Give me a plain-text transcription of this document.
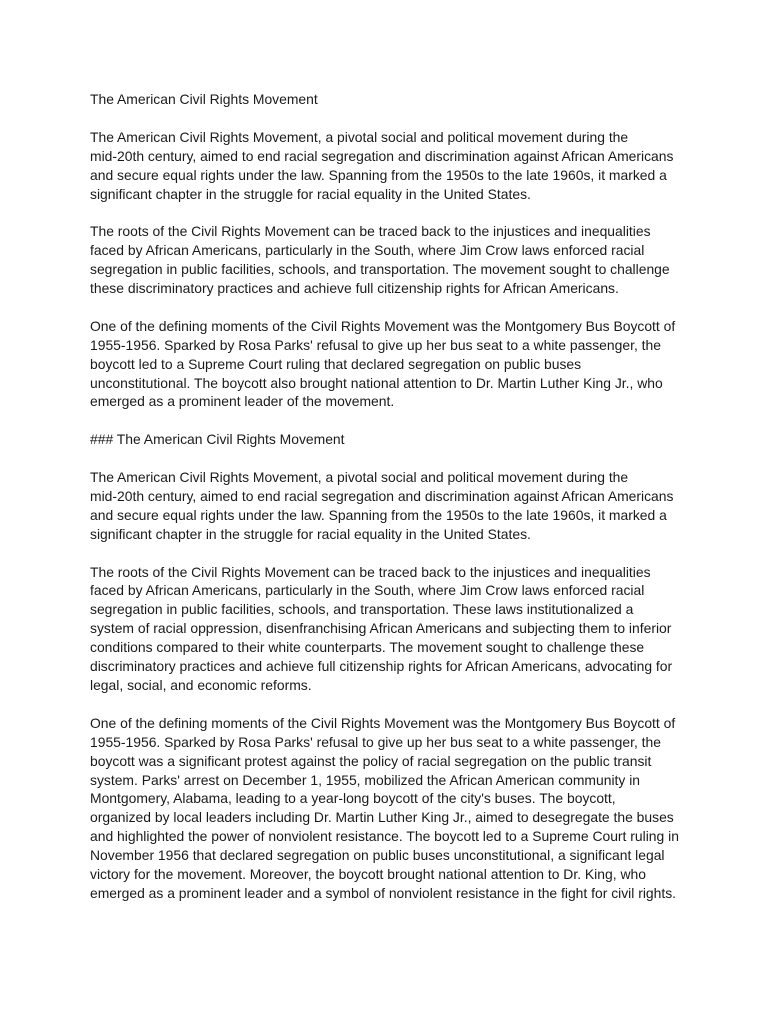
The American Civil Rights Movement

The American Civil Rights Movement, a pivotal social and political movement during the
mid-20th century, aimed to end racial segregation and discrimination against African Americans
and secure equal rights under the law. Spanning from the 1950s to the late 1960s, it marked a
significant chapter in the struggle for racial equality in the United States.

The roots of the Civil Rights Movement can be traced back to the injustices and inequalities
faced by African Americans, particularly in the South, where Jim Crow laws enforced racial
segregation in public facilities, schools, and transportation. The movement sought to challenge
these discriminatory practices and achieve full citizenship rights for African Americans.

One of the defining moments of the Civil Rights Movement was the Montgomery Bus Boycott of
1955-1956. Sparked by Rosa Parks' refusal to give up her bus seat to a white passenger, the
boycott led to a Supreme Court ruling that declared segregation on public buses
unconstitutional. The boycott also brought national attention to Dr. Martin Luther King Jr., who
emerged as a prominent leader of the movement.

### The American Civil Rights Movement

The American Civil Rights Movement, a pivotal social and political movement during the
mid-20th century, aimed to end racial segregation and discrimination against African Americans
and secure equal rights under the law. Spanning from the 1950s to the late 1960s, it marked a
significant chapter in the struggle for racial equality in the United States.

The roots of the Civil Rights Movement can be traced back to the injustices and inequalities
faced by African Americans, particularly in the South, where Jim Crow laws enforced racial
segregation in public facilities, schools, and transportation. These laws institutionalized a
system of racial oppression, disenfranchising African Americans and subjecting them to inferior
conditions compared to their white counterparts. The movement sought to challenge these
discriminatory practices and achieve full citizenship rights for African Americans, advocating for
legal, social, and economic reforms.

One of the defining moments of the Civil Rights Movement was the Montgomery Bus Boycott of
1955-1956. Sparked by Rosa Parks' refusal to give up her bus seat to a white passenger, the
boycott was a significant protest against the policy of racial segregation on the public transit
system. Parks' arrest on December 1, 1955, mobilized the African American community in
Montgomery, Alabama, leading to a year-long boycott of the city's buses. The boycott,
organized by local leaders including Dr. Martin Luther King Jr., aimed to desegregate the buses
and highlighted the power of nonviolent resistance. The boycott led to a Supreme Court ruling in
November 1956 that declared segregation on public buses unconstitutional, a significant legal
victory for the movement. Moreover, the boycott brought national attention to Dr. King, who
emerged as a prominent leader and a symbol of nonviolent resistance in the fight for civil rights.
